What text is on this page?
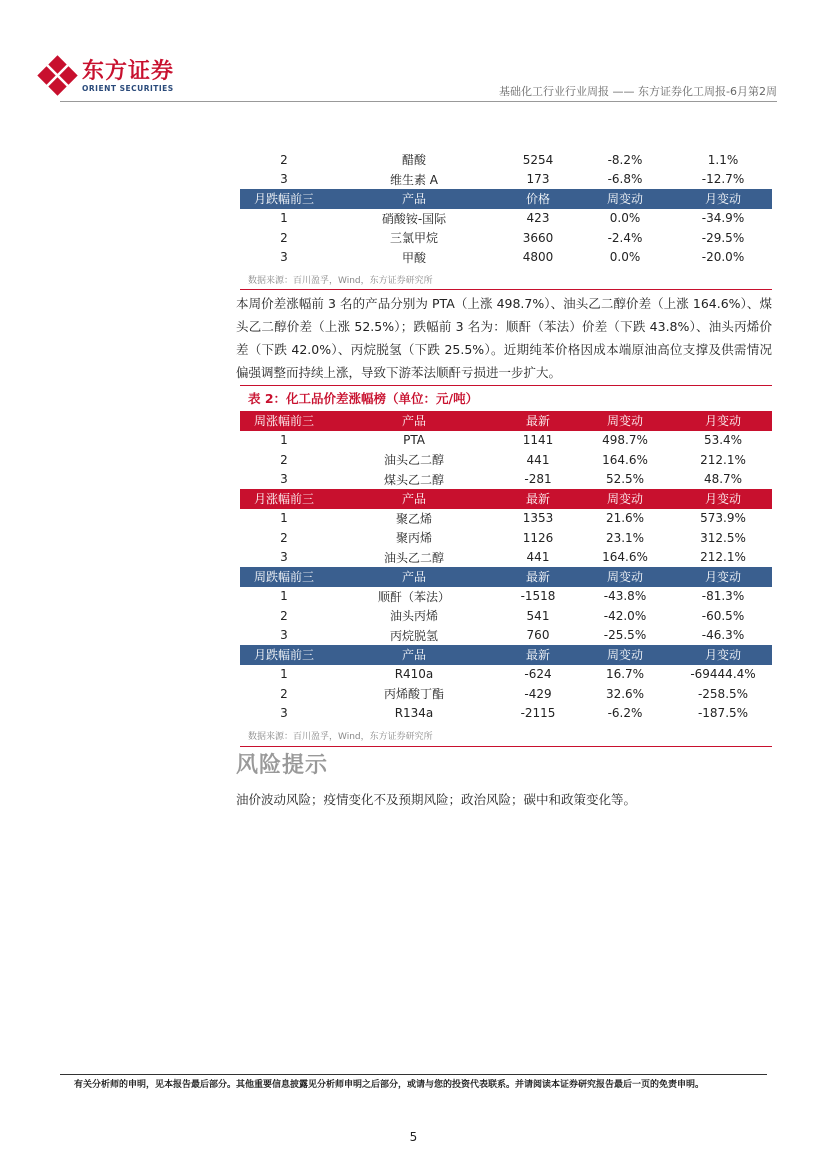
东方证券
ORIENT SECURITIES	基础化工行业行业周报 —— 东方证券化工周报-6月第2周
2	醋酸	5254	-8.2%	1.1%
3	维生素 A	173	-6.8%	-12.7%
月跌幅前三	产品	价格	周变动	月变动
1	硝酸铵-国际	423	0.0%	-34.9%
2	三氯甲烷	3660	-2.4%	-29.5%
3	甲酸	4800	0.0%	-20.0%
数据来源：百川盈孚，Wind，东方证券研究所
本周价差涨幅前 3 名的产品分别为 PTA（上涨 498.7%）、油头乙二醇价差（上涨 164.6%）、煤头乙二醇价差（上涨 52.5%）；跌幅前 3 名为：顺酐（苯法）价差（下跌 43.8%）、油头丙烯价差（下跌 42.0%）、丙烷脱氢（下跌 25.5%）。近期纯苯价格因成本端原油高位支撑及供需情况偏强调整而持续上涨，导致下游苯法顺酐亏损进一步扩大。
表 2：化工品价差涨幅榜（单位：元/吨）
周涨幅前三	产品	最新	周变动	月变动
1	PTA	1141	498.7%	53.4%
2	油头乙二醇	441	164.6%	212.1%
3	煤头乙二醇	-281	52.5%	48.7%
月涨幅前三	产品	最新	周变动	月变动
1	聚乙烯	1353	21.6%	573.9%
2	聚丙烯	1126	23.1%	312.5%
3	油头乙二醇	441	164.6%	212.1%
周跌幅前三	产品	最新	周变动	月变动
1	顺酐（苯法）	-1518	-43.8%	-81.3%
2	油头丙烯	541	-42.0%	-60.5%
3	丙烷脱氢	760	-25.5%	-46.3%
月跌幅前三	产品	最新	周变动	月变动
1	R410a	-624	16.7%	-69444.4%
2	丙烯酸丁酯	-429	32.6%	-258.5%
3	R134a	-2115	-6.2%	-187.5%
数据来源：百川盈孚，Wind，东方证券研究所
风险提示
油价波动风险；疫情变化不及预期风险；政治风险；碳中和政策变化等。
有关分析师的申明，见本报告最后部分。其他重要信息披露见分析师申明之后部分，或请与您的投资代表联系。并请阅读本证券研究报告最后一页的免责申明。
5
